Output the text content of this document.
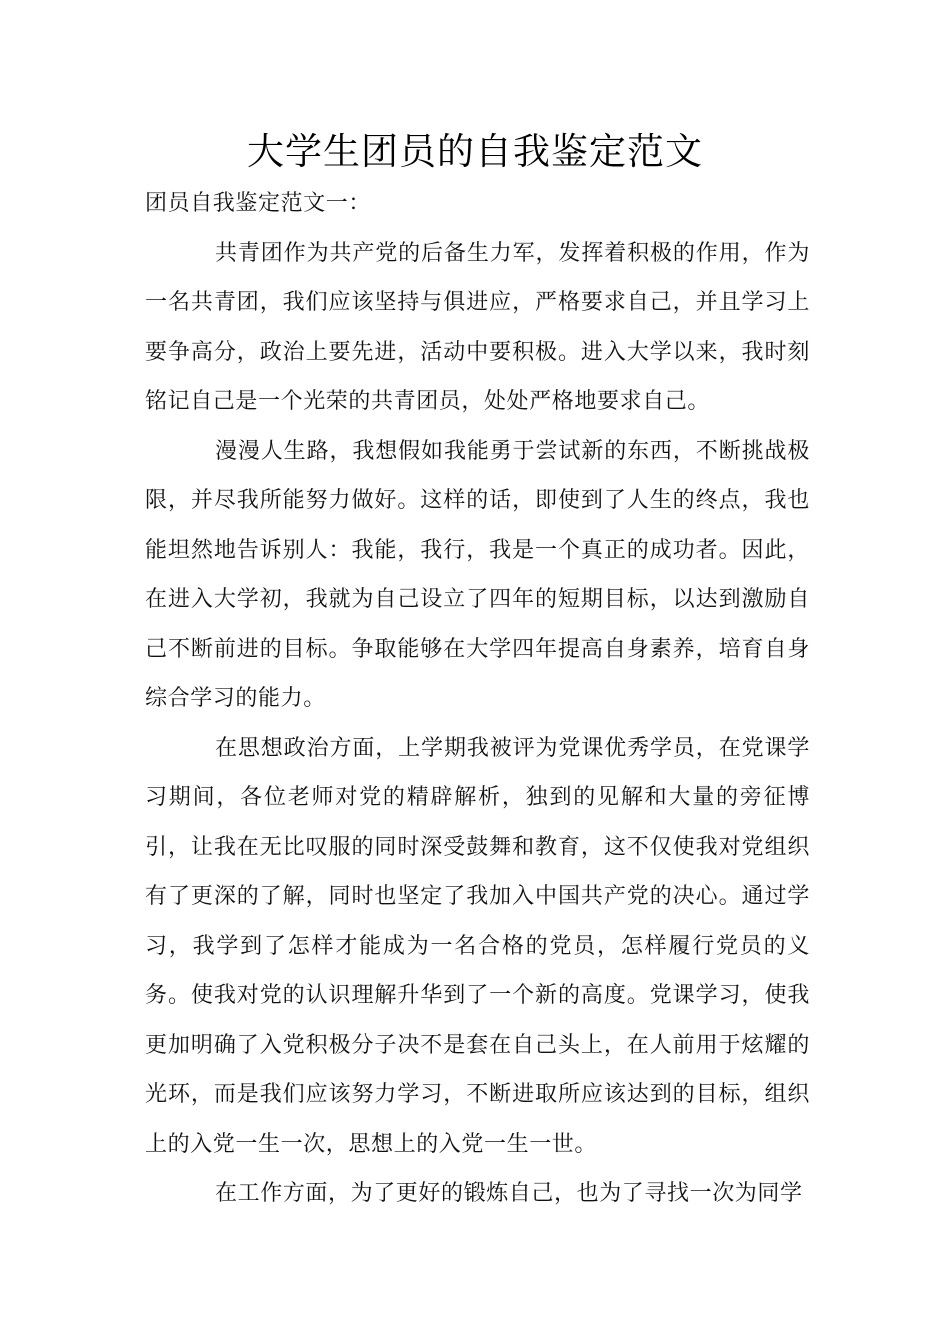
大学生团员的自我鉴定范文

团员自我鉴定范文一：

共青团作为共产党的后备生力军，发挥着积极的作用，作为一名共青团，我们应该坚持与俱进应，严格要求自己，并且学习上要争高分，政治上要先进，活动中要积极。进入大学以来，我时刻铭记自己是一个光荣的共青团员，处处严格地要求自己。

漫漫人生路，我想假如我能勇于尝试新的东西，不断挑战极限，并尽我所能努力做好。这样的话，即使到了人生的终点，我也能坦然地告诉别人：我能，我行，我是一个真正的成功者。因此，在进入大学初，我就为自己设立了四年的短期目标，以达到激励自己不断前进的目标。争取能够在大学四年提高自身素养，培育自身综合学习的能力。

在思想政治方面，上学期我被评为党课优秀学员，在党课学习期间，各位老师对党的精辟解析，独到的见解和大量的旁征博引，让我在无比叹服的同时深受鼓舞和教育，这不仅使我对党组织有了更深的了解，同时也坚定了我加入中国共产党的决心。通过学习，我学到了怎样才能成为一名合格的党员，怎样履行党员的义务。使我对党的认识理解升华到了一个新的高度。党课学习，使我更加明确了入党积极分子决不是套在自己头上，在人前用于炫耀的光环，而是我们应该努力学习，不断进取所应该达到的目标，组织上的入党一生一次，思想上的入党一生一世。

在工作方面，为了更好的锻炼自己，也为了寻找一次为同学
